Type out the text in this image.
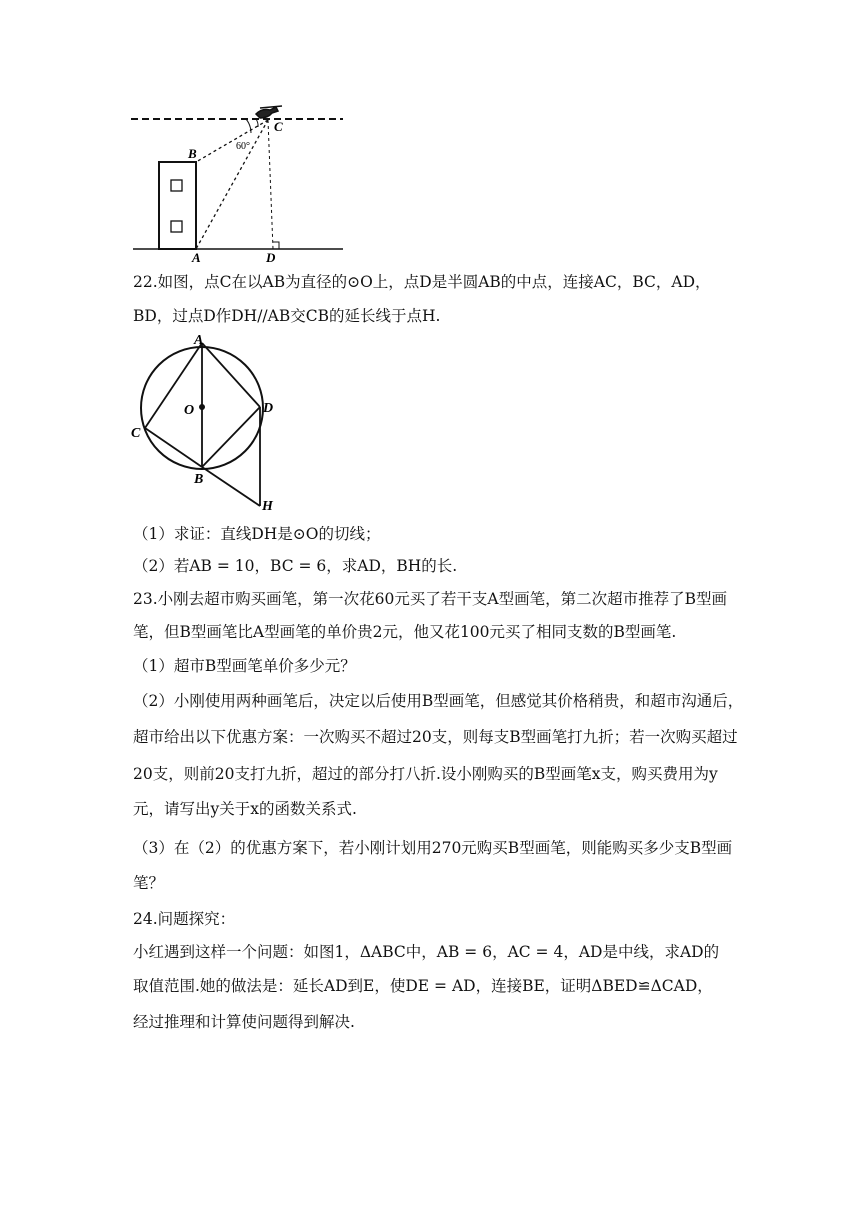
B
C
A	D
60°
22.如图，点C在以AB为直径的⊙O上，点D是半圆AB的中点，连接AC，BC，AD，
BD，过点D作DH//AB交CB的延长线于点H.
A
O	D
C
B
H
（1）求证：直线DH是⊙O的切线；
（2）若AB = 10，BC = 6，求AD，BH的长.
23.小刚去超市购买画笔，第一次花60元买了若干支A型画笔，第二次超市推荐了B型画
笔，但B型画笔比A型画笔的单价贵2元，他又花100元买了相同支数的B型画笔.
（1）超市B型画笔单价多少元？
（2）小刚使用两种画笔后，决定以后使用B型画笔，但感觉其价格稍贵，和超市沟通后，
超市给出以下优惠方案：一次购买不超过20支，则每支B型画笔打九折；若一次购买超过
20支，则前20支打九折，超过的部分打八折.设小刚购买的B型画笔x支，购买费用为y
元，请写出y关于x的函数关系式.
（3）在（2）的优惠方案下，若小刚计划用270元购买B型画笔，则能购买多少支B型画
笔？
24.问题探究：
小红遇到这样一个问题：如图1，ΔABC中，AB = 6，AC = 4，AD是中线，求AD的
取值范围.她的做法是：延长AD到E，使DE = AD，连接BE，证明ΔBED≌ΔCAD，
经过推理和计算使问题得到解决.
